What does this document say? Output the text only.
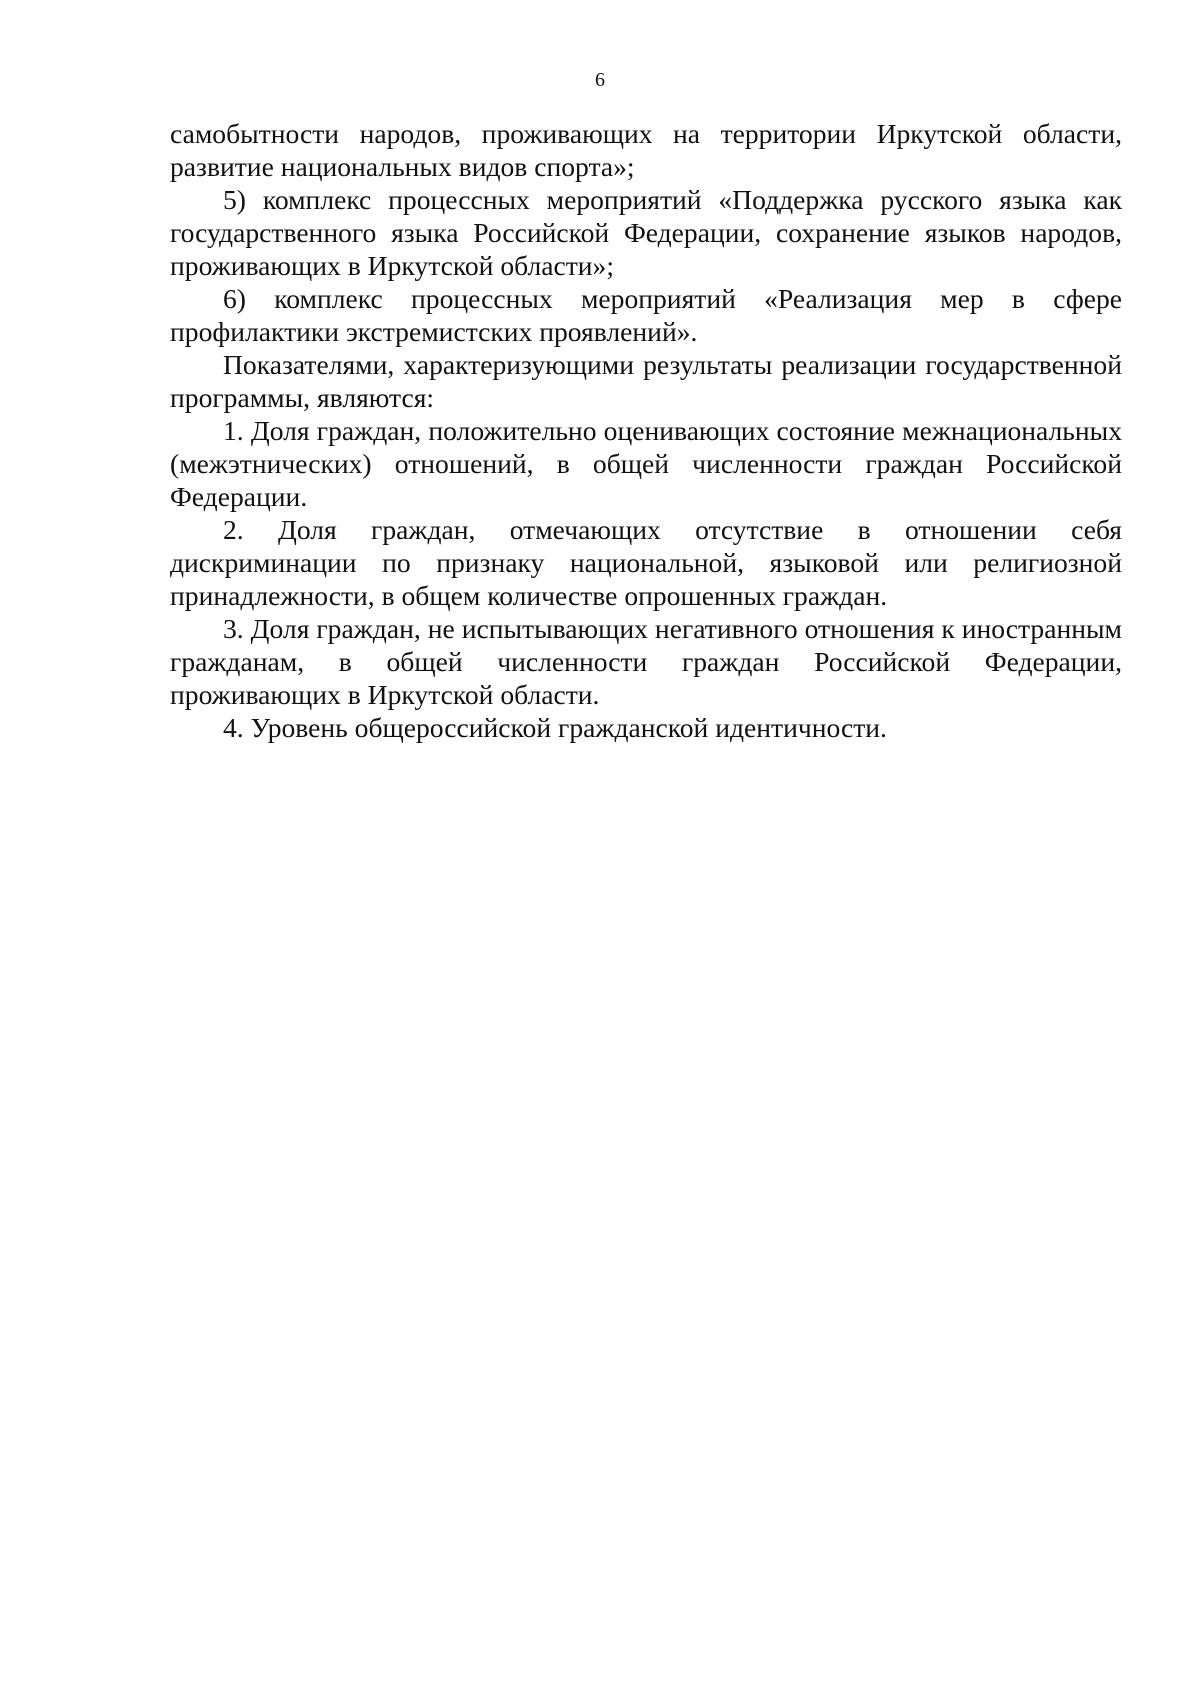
6

самобытности народов, проживающих на территории Иркутской области, развитие национальных видов спорта»;

5) комплекс процессных мероприятий «Поддержка русского языка как государственного языка Российской Федерации, сохранение языков народов, проживающих в Иркутской области»;

6) комплекс процессных мероприятий «Реализация мер в сфере профилактики экстремистских проявлений».

Показателями, характеризующими результаты реализации государственной программы, являются:

1. Доля граждан, положительно оценивающих состояние межнациональных (межэтнических) отношений, в общей численности граждан Российской Федерации.

2. Доля граждан, отмечающих отсутствие в отношении себя дискриминации по признаку национальной, языковой или религиозной принадлежности, в общем количестве опрошенных граждан.

3. Доля граждан, не испытывающих негативного отношения к иностранным гражданам, в общей численности граждан Российской Федерации, проживающих в Иркутской области.

4. Уровень общероссийской гражданской идентичности.
